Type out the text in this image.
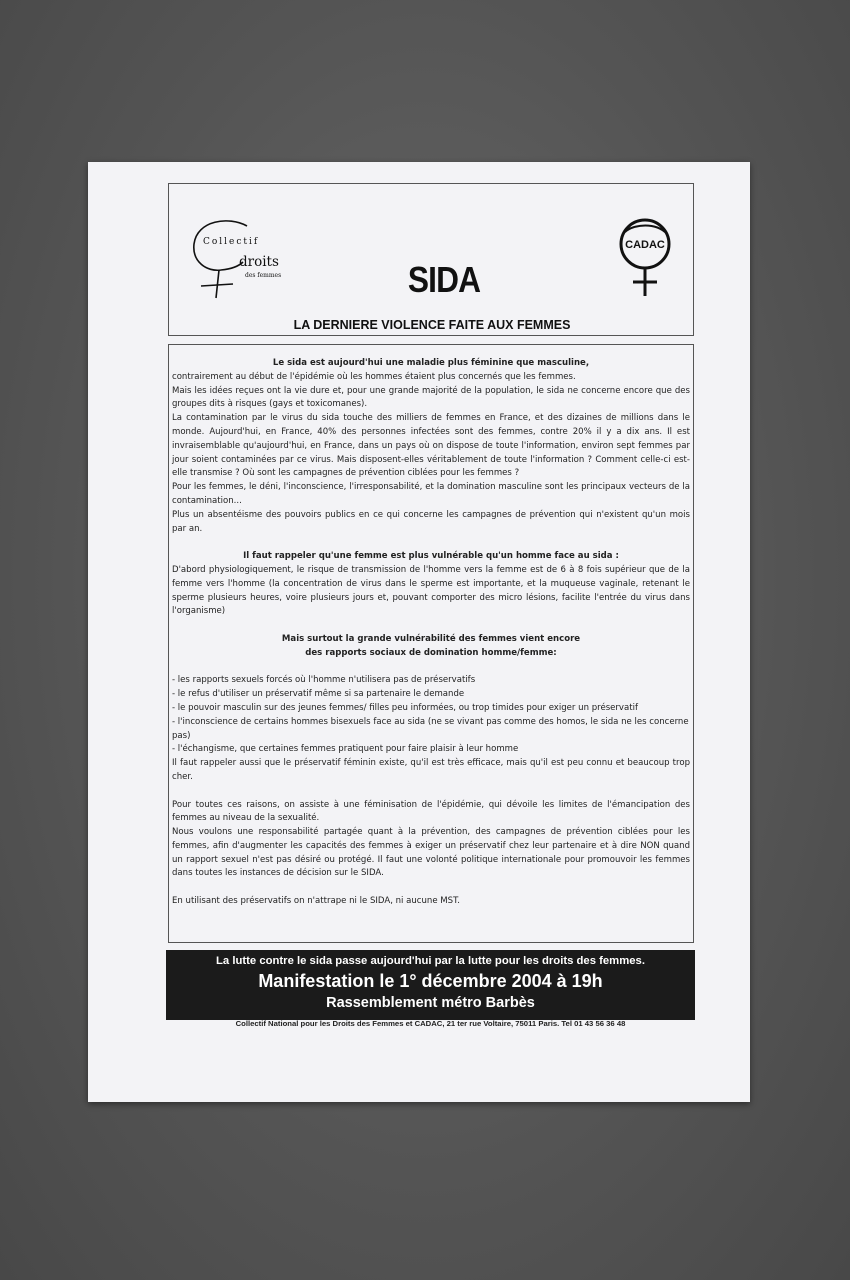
Collectif
droits
des femmes	SIDA
CADAC
LA DERNIERE VIOLENCE FAITE AUX FEMMES

Le sida est aujourd'hui une maladie plus féminine que masculine,

contrairement au début de l'épidémie où les hommes étaient plus concernés que les femmes.

Mais les idées reçues ont la vie dure et, pour une grande majorité de la population, le sida ne concerne encore que des groupes dits à risques (gays et toxicomanes).

La contamination par le virus du sida touche des milliers de femmes en France, et des dizaines de millions dans le monde. Aujourd'hui, en France, 40% des personnes infectées sont des femmes, contre 20% il y a dix ans. Il est invraisemblable qu'aujourd'hui, en France, dans un pays où on dispose de toute l'information, environ sept femmes par jour soient contaminées par ce virus. Mais disposent-elles véritablement de toute l'information ? Comment celle-ci est-elle transmise ? Où sont les campagnes de prévention ciblées pour les femmes ?

Pour les femmes, le déni, l'inconscience, l'irresponsabilité, et la domination masculine sont les principaux vecteurs de la contamination...

Plus un absentéisme des pouvoirs publics en ce qui concerne les campagnes de prévention qui n'existent qu'un mois par an.

Il faut rappeler qu'une femme est plus vulnérable qu'un homme face au sida :

D'abord physiologiquement, le risque de transmission de l'homme vers la femme est de 6 à 8 fois supérieur que de la femme vers l'homme (la concentration de virus dans le sperme est importante, et la muqueuse vaginale, retenant le sperme plusieurs heures, voire plusieurs jours et, pouvant comporter des micro lésions, facilite l'entrée du virus dans l'organisme)

Mais surtout la grande vulnérabilité des femmes vient encore

des rapports sociaux de domination homme/femme:

- les rapports sexuels forcés où l'homme n'utilisera pas de préservatifs

- le refus d'utiliser un préservatif même si sa partenaire le demande

- le pouvoir masculin sur des jeunes femmes/ filles peu informées, ou trop timides pour exiger un préservatif

- l'inconscience de certains hommes bisexuels face au sida (ne se vivant pas comme des homos, le sida ne les concerne pas)

- l'échangisme, que certaines femmes pratiquent pour faire plaisir à leur homme

Il faut rappeler aussi que le préservatif féminin existe, qu'il est très efficace, mais qu'il est peu connu et beaucoup trop cher.

Pour toutes ces raisons, on assiste à une féminisation de l'épidémie, qui dévoile les limites de l'émancipation des femmes au niveau de la sexualité.

Nous voulons une responsabilité partagée quant à la prévention, des campagnes de prévention ciblées pour les femmes, afin d'augmenter les capacités des femmes à exiger un préservatif chez leur partenaire et à dire NON quand un rapport sexuel n'est pas désiré ou protégé. Il faut une volonté politique internationale pour promouvoir les femmes dans toutes les instances de décision sur le SIDA.

En utilisant des préservatifs on n'attrape ni le SIDA, ni aucune MST.

La lutte contre le sida passe aujourd'hui par la lutte pour les droits des femmes.
Manifestation le 1° décembre 2004 à 19h
Rassemblement métro Barbès
Collectif National pour les Droits des Femmes et CADAC, 21 ter rue Voltaire, 75011 Paris. Tel 01 43 56 36 48
